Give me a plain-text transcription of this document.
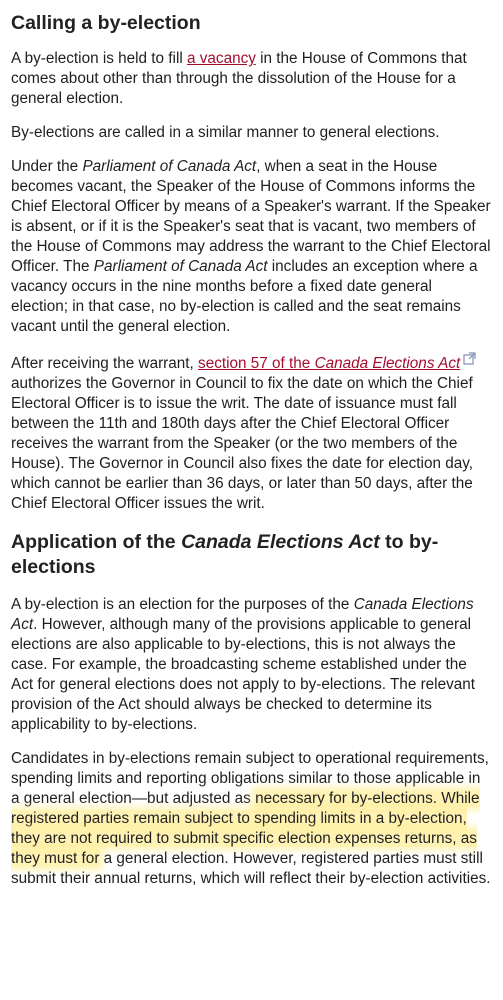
Calling a by-election

A by-election is held to fill a vacancy in the House of Commons that comes about other than through the dissolution of the House for a general election.

By-elections are called in a similar manner to general elections.

Under the Parliament of Canada Act, when a seat in the House becomes vacant, the Speaker of the House of Commons informs the Chief Electoral Officer by means of a Speaker's warrant. If the Speaker is absent, or if it is the Speaker's seat that is vacant, two members of the House of Commons may address the warrant to the Chief Electoral Officer. The Parliament of Canada Act includes an exception where a vacancy occurs in the nine months before a fixed date general election; in that case, no by-election is called and the seat remains vacant until the general election.

After receiving the warrant, section 57 of the Canada Elections Act authorizes the Governor in Council to fix the date on which the Chief Electoral Officer is to issue the writ. The date of issuance must fall between the 11th and 180th days after the Chief Electoral Officer receives the warrant from the Speaker (or the two members of the House). The Governor in Council also fixes the date for election day, which cannot be earlier than 36 days, or later than 50 days, after the Chief Electoral Officer issues the writ.

Application of the Canada Elections Act to by-elections

A by-election is an election for the purposes of the Canada Elections Act. However, although many of the provisions applicable to general elections are also applicable to by-elections, this is not always the case. For example, the broadcasting scheme established under the Act for general elections does not apply to by-elections. The relevant provision of the Act should always be checked to determine its applicability to by-elections.

Candidates in by-elections remain subject to operational requirements, spending limits and reporting obligations similar to those applicable in a general election—but adjusted as necessary for by-elections. While registered parties remain subject to spending limits in a by-election, they are not required to submit specific election expenses returns, as they must for a general election. However, registered parties must still submit their annual returns, which will reflect their by-election activities.
